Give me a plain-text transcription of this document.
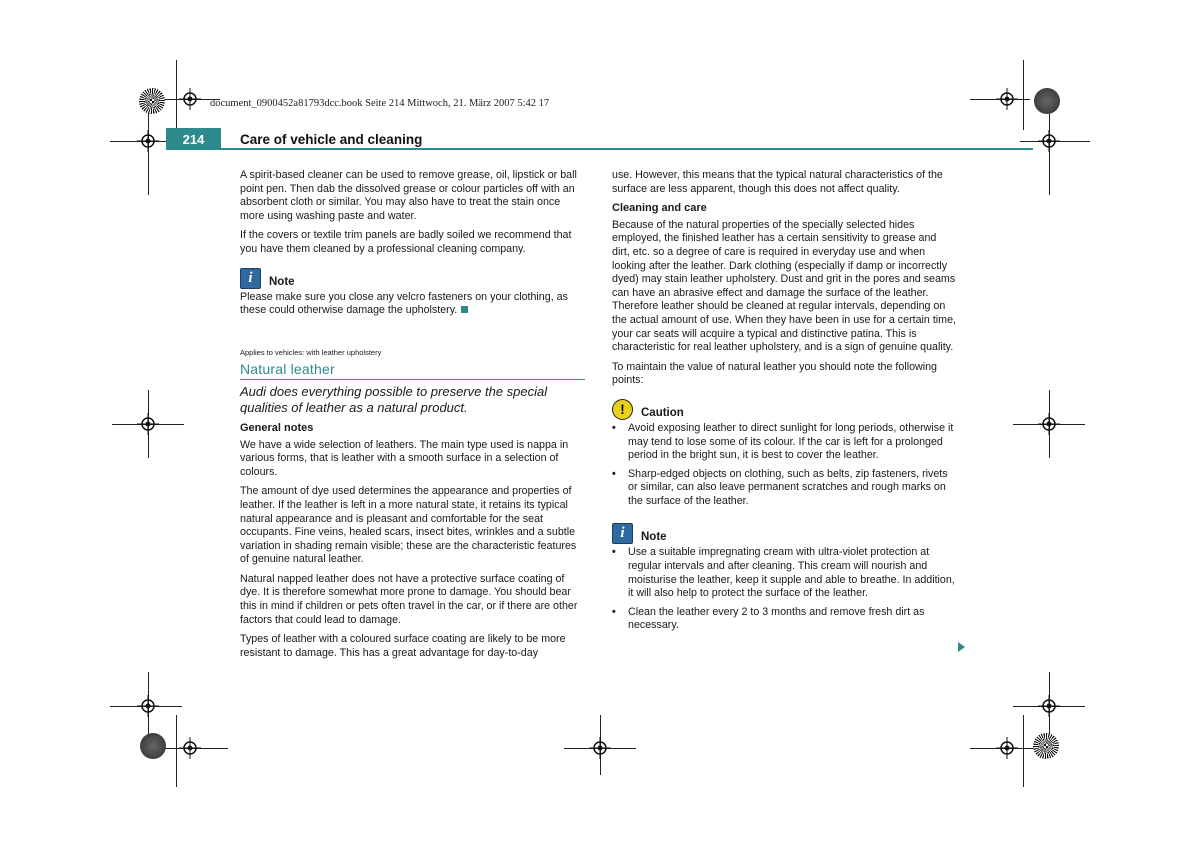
document_0900452a81793dcc.book Seite 214 Mittwoch, 21. März 2007 5:42 17
214	Care of vehicle and cleaning

A spirit-based cleaner can be used to remove grease, oil, lipstick or ball point pen. Then dab the dissolved grease or colour particles off with an absorbent cloth or similar. You may also have to treat the stain once more using washing paste and water.

If the covers or textile trim panels are badly soiled we recommend that you have them cleaned by a professional cleaning company.

i	Note

Please make sure you close any velcro fasteners on your clothing, as these could otherwise damage the upholstery.

Applies to vehicles: with leather upholstery
Natural leather

Audi does everything possible to preserve the special qualities of leather as a natural product.

General notes

We have a wide selection of leathers. The main type used is nappa in various forms, that is leather with a smooth surface in a selection of colours.

The amount of dye used determines the appearance and properties of leather. If the leather is left in a more natural state, it retains its typical natural appearance and is pleasant and comfortable for the seat occupants. Fine veins, healed scars, insect bites, wrinkles and a subtle variation in shading remain visible; these are the characteristic features of genuine natural leather.

Natural napped leather does not have a protective surface coating of dye. It is therefore somewhat more prone to damage. You should bear this in mind if children or pets often travel in the car, or if there are other factors that could lead to damage.

Types of leather with a coloured surface coating are likely to be more resistant to damage. This has a great advantage for day-to-day

use. However, this means that the typical natural characteristics of the surface are less apparent, though this does not affect quality.

Cleaning and care

Because of the natural properties of the specially selected hides employed, the finished leather has a certain sensitivity to grease and dirt, etc. so a degree of care is required in everyday use and when looking after the leather. Dark clothing (especially if damp or incorrectly dyed) may stain leather upholstery. Dust and grit in the pores and seams can have an abrasive effect and damage the surface of the leather. Therefore leather should be cleaned at regular intervals, depending on the actual amount of use. When they have been in use for a certain time, your car seats will acquire a typical and distinctive patina. This is characteristic for real leather upholstery, and is a sign of genuine quality.

To maintain the value of natural leather you should note the following points:

!	Caution
•	Avoid exposing leather to direct sunlight for long periods, otherwise it may tend to lose some of its colour. If the car is left for a prolonged period in the bright sun, it is best to cover the leather.
•	Sharp-edged objects on clothing, such as belts, zip fasteners, rivets or similar, can also leave permanent scratches and rough marks on the surface of the leather.
i	Note
•	Use a suitable impregnating cream with ultra-violet protection at regular intervals and after cleaning. This cream will nourish and moisturise the leather, keep it supple and able to breathe. In addition, it will also help to protect the surface of the leather.
•	Clean the leather every 2 to 3 months and remove fresh dirt as necessary.
